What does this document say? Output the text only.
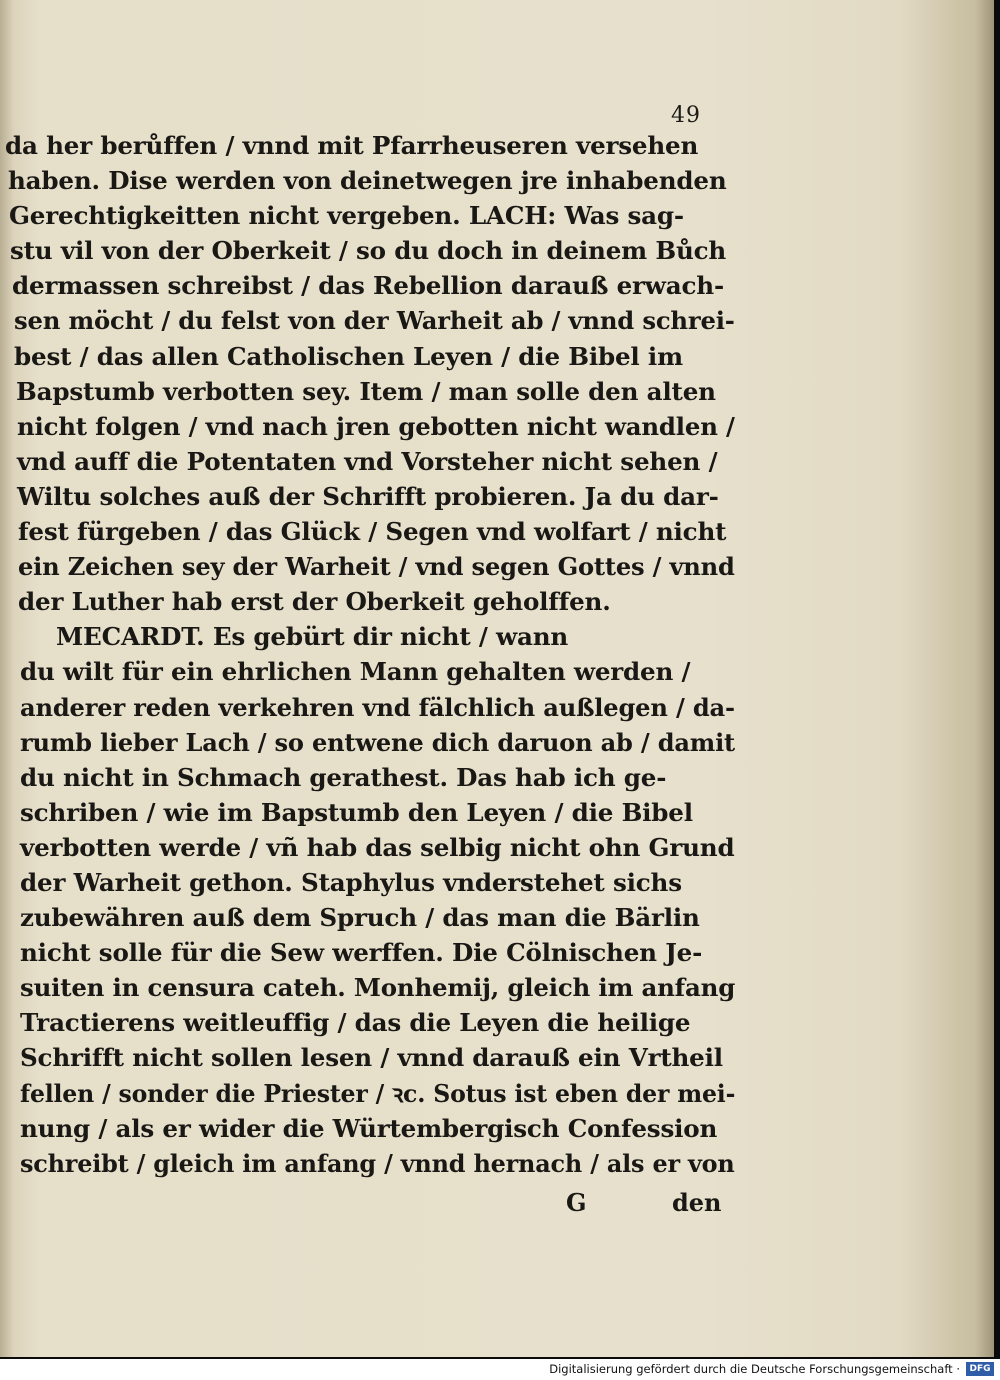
49
da her berůffen / vnnd mit Pfarrheuseren versehen
haben. Dise werden von deinetwegen jre inhabenden
Gerechtigkeitten nicht vergeben. LACH: Was sag-
stu vil von der Oberkeit / so du doch in deinem Bůch
dermassen schreibst / das Rebellion darauß erwach-
sen möcht / du felst von der Warheit ab / vnnd schrei-
best / das allen Catholischen Leyen / die Bibel im
Bapstumb verbotten sey. Item / man solle den alten
nicht folgen / vnd nach jren gebotten nicht wandlen /
vnd auff die Potentaten vnd Vorsteher nicht sehen /
Wiltu solches auß der Schrifft probieren. Ja du dar-
fest fürgeben / das Glück / Segen vnd wolfart / nicht
ein Zeichen sey der Warheit / vnd segen Gottes / vnnd
der Luther hab erst der Oberkeit geholffen.
MECARDT. Es gebürt dir nicht / wann
du wilt für ein ehrlichen Mann gehalten werden /
anderer reden verkehren vnd fälchlich außlegen / da-
rumb lieber Lach / so entwene dich daruon ab / damit
du nicht in Schmach gerathest. Das hab ich ge-
schriben / wie im Bapstumb den Leyen / die Bibel
verbotten werde / vñ hab das selbig nicht ohn Grund
der Warheit gethon. Staphylus vnderstehet sichs
zubewähren auß dem Spruch / das man die Bärlin
nicht solle für die Sew werffen. Die Cölnischen Je-
suiten in censura cateh. Monhemij, gleich im anfang
Tractierens weitleuffig / das die Leyen die heilige
Schrifft nicht sollen lesen / vnnd darauß ein Vrtheil
fellen / sonder die Priester / ꝛc. Sotus ist eben der mei-
nung / als er wider die Würtembergisch Confession
schreibt / gleich im anfang / vnnd hernach / als er von
G	den
Digitalisierung gefördert durch die Deutsche Forschungsgemeinschaft ·	DFG
